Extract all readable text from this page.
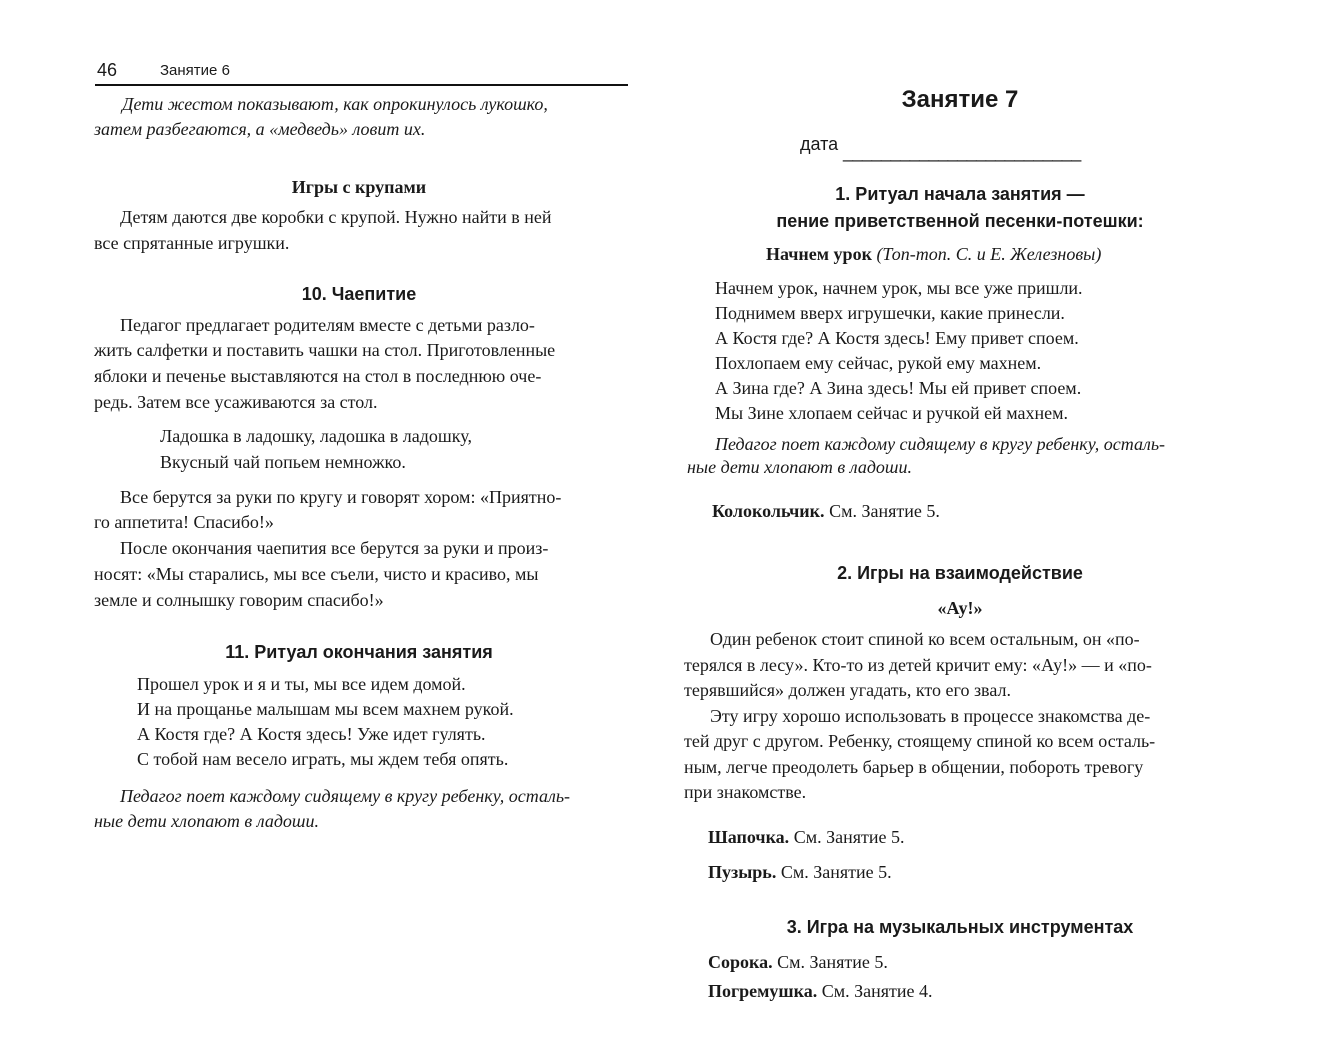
46	Занятие 6
Дети жестом показывают, как опрокинулось лукошко,
затем разбегаются, а «медведь» ловит их.
Игры с крупами
Детям даются две коробки с крупой. Нужно найти в ней
все спрятанные игрушки.
10. Чаепитие
Педагог предлагает родителям вместе с детьми разло-
жить салфетки и поставить чашки на стол. Приготовленные
яблоки и печенье выставляются на стол в последнюю оче-
редь. Затем все усаживаются за стол.
Ладошка в ладошку, ладошка в ладошку,
Вкусный чай попьем немножко.
Все берутся за руки по кругу и говорят хором: «Приятно-
го аппетита! Спасибо!»
После окончания чаепития все берутся за руки и произ-
носят: «Мы старались, мы все съели, чисто и красиво, мы
земле и солнышку говорим спасибо!»
11. Ритуал окончания занятия
Прошел урок и я и ты, мы все идем домой.
И на прощанье малышам мы всем махнем рукой.
А Костя где? А Костя здесь! Уже идет гулять.
С тобой нам весело играть, мы ждем тебя опять.
Педагог поет каждому сидящему в кругу ребенку, осталь-
ные дети хлопают в ладоши.
Занятие 7
дата _________________________
1. Ритуал начала занятия —
пение приветственной песенки-потешки:
Начнем урок (Топ-топ. С. и Е. Железновы)
Начнем урок, начнем урок, мы все уже пришли.
Поднимем вверх игрушечки, какие принесли.
А Костя где? А Костя здесь! Ему привет споем.
Похлопаем ему сейчас, рукой ему махнем.
А Зина где? А Зина здесь! Мы ей привет споем.
Мы Зине хлопаем сейчас и ручкой ей махнем.
Педагог поет каждому сидящему в кругу ребенку, осталь-
ные дети хлопают в ладоши.
Колокольчик. См. Занятие 5.
2. Игры на взаимодействие
«Ау!»
Один ребенок стоит спиной ко всем остальным, он «по-
терялся в лесу». Кто-то из детей кричит ему: «Ау!» — и «по-
терявшийся» должен угадать, кто его звал.
Эту игру хорошо использовать в процессе знакомства де-
тей друг с другом. Ребенку, стоящему спиной ко всем осталь-
ным, легче преодолеть барьер в общении, побороть тревогу
при знакомстве.
Шапочка. См. Занятие 5.
Пузырь. См. Занятие 5.
3. Игра на музыкальных инструментах
Сорока. См. Занятие 5.
Погремушка. См. Занятие 4.
